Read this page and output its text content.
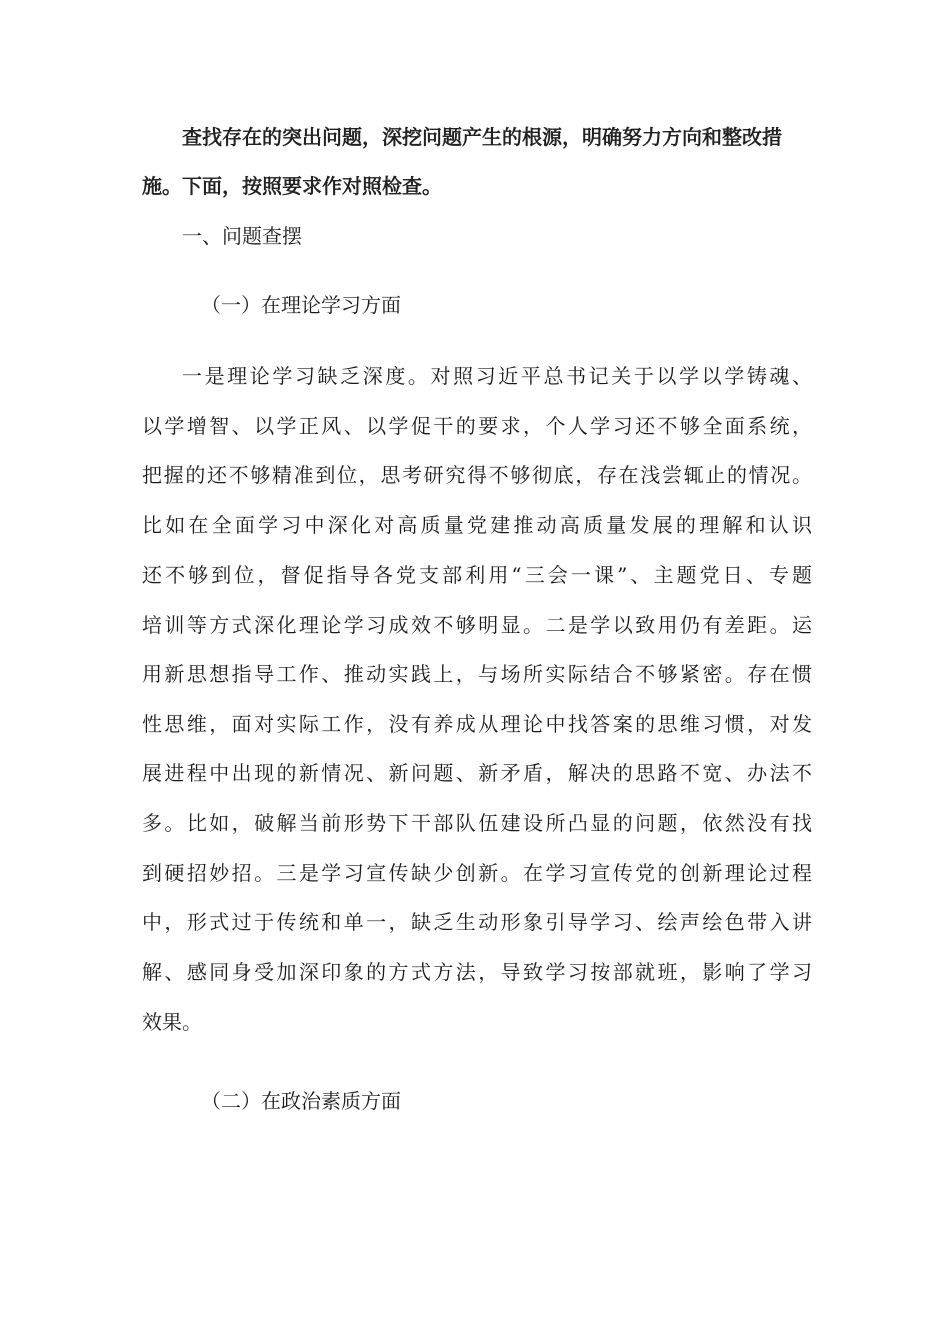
查找存在的突出问题，深挖问题产生的根源，明确努力方向和整改措
施。下面，按照要求作对照检查。
一、问题查摆
（一）在理论学习方面
一是理论学习缺乏深度。对照习近平总书记关于以学以学铸魂、
以学增智、以学正风、以学促干的要求，个人学习还不够全面系统，
把握的还不够精准到位，思考研究得不够彻底，存在浅尝辄止的情况。
比如在全面学习中深化对高质量党建推动高质量发展的理解和认识
还不够到位，督促指导各党支部利用“三会一课”、主题党日、专题
培训等方式深化理论学习成效不够明显。二是学以致用仍有差距。运
用新思想指导工作、推动实践上，与场所实际结合不够紧密。存在惯
性思维，面对实际工作，没有养成从理论中找答案的思维习惯，对发
展进程中出现的新情况、新问题、新矛盾，解决的思路不宽、办法不
多。比如，破解当前形势下干部队伍建设所凸显的问题，依然没有找
到硬招妙招。三是学习宣传缺少创新。在学习宣传党的创新理论过程
中，形式过于传统和单一，缺乏生动形象引导学习、绘声绘色带入讲
解、感同身受加深印象的方式方法，导致学习按部就班，影响了学习
效果。
（二）在政治素质方面
